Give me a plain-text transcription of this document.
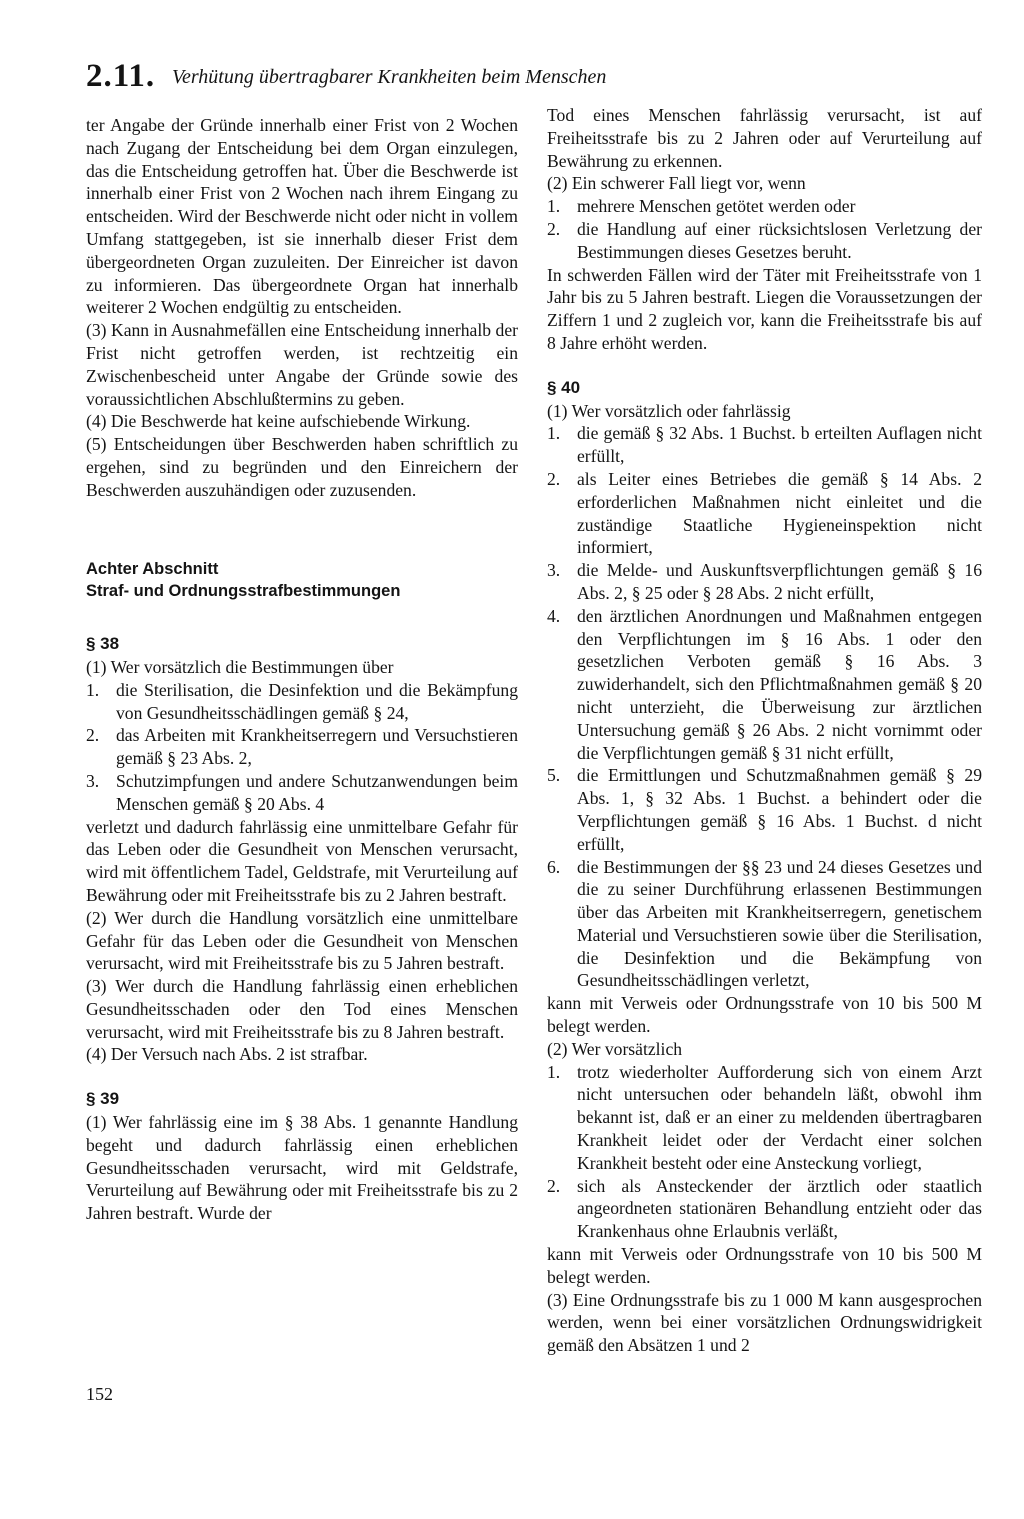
2.11. Verhütung übertragbarer Krankheiten beim Menschen

ter Angabe der Gründe innerhalb einer Frist von 2 Wochen nach Zugang der Entscheidung bei dem Organ einzulegen, das die Entscheidung getroffen hat. Über die Beschwerde ist innerhalb einer Frist von 2 Wochen nach ihrem Eingang zu entscheiden. Wird der Beschwerde nicht oder nicht in vollem Umfang stattgegeben, ist sie innerhalb dieser Frist dem übergeordneten Organ zuzuleiten. Der Einreicher ist davon zu informieren. Das übergeordnete Organ hat innerhalb weiterer 2 Wochen endgültig zu entscheiden.

(3) Kann in Ausnahmefällen eine Entscheidung innerhalb der Frist nicht getroffen werden, ist rechtzeitig ein Zwischenbescheid unter Angabe der Gründe sowie des voraussichtlichen Abschlußtermins zu geben.

(4) Die Beschwerde hat keine aufschiebende Wirkung.

(5) Entscheidungen über Beschwerden haben schriftlich zu ergehen, sind zu begründen und den Einreichern der Beschwerden auszuhändigen oder zuzusenden.

Achter Abschnitt

Straf- und Ordnungsstrafbestimmungen

§ 38

(1) Wer vorsätzlich die Bestimmungen über

1. die Sterilisation, die Desinfektion und die Bekämpfung von Gesundheitsschädlingen gemäß § 24,
2. das Arbeiten mit Krankheitserregern und Versuchstieren gemäß § 23 Abs. 2,
3. Schutzimpfungen und andere Schutzanwendungen beim Menschen gemäß § 20 Abs. 4

verletzt und dadurch fahrlässig eine unmittelbare Gefahr für das Leben oder die Gesundheit von Menschen verursacht, wird mit öffentlichem Tadel, Geldstrafe, mit Verurteilung auf Bewährung oder mit Freiheitsstrafe bis zu 2 Jahren bestraft.

(2) Wer durch die Handlung vorsätzlich eine unmittelbare Gefahr für das Leben oder die Gesundheit von Menschen verursacht, wird mit Freiheitsstrafe bis zu 5 Jahren bestraft.

(3) Wer durch die Handlung fahrlässig einen erheblichen Gesundheitsschaden oder den Tod eines Menschen verursacht, wird mit Freiheitsstrafe bis zu 8 Jahren bestraft.

(4) Der Versuch nach Abs. 2 ist strafbar.

§ 39

(1) Wer fahrlässig eine im § 38 Abs. 1 genannte Handlung begeht und dadurch fahrlässig einen erheblichen Gesundheitsschaden verursacht, wird mit Geldstrafe, Verurteilung auf Bewährung oder mit Freiheitsstrafe bis zu 2 Jahren bestraft. Wurde der

Tod eines Menschen fahrlässig verursacht, ist auf Freiheitsstrafe bis zu 2 Jahren oder auf Verurteilung auf Bewährung zu erkennen.

(2) Ein schwerer Fall liegt vor, wenn

1. mehrere Menschen getötet werden oder
2. die Handlung auf einer rücksichtslosen Verletzung der Bestimmungen dieses Gesetzes beruht.

In schwerden Fällen wird der Täter mit Freiheitsstrafe von 1 Jahr bis zu 5 Jahren bestraft. Liegen die Voraussetzungen der Ziffern 1 und 2 zugleich vor, kann die Freiheitsstrafe bis auf 8 Jahre erhöht werden.

§ 40

(1) Wer vorsätzlich oder fahrlässig

1. die gemäß § 32 Abs. 1 Buchst. b erteilten Auflagen nicht erfüllt,
2. als Leiter eines Betriebes die gemäß § 14 Abs. 2 erforderlichen Maßnahmen nicht einleitet und die zuständige Staatliche Hygieneinspektion nicht informiert,
3. die Melde- und Auskunftsverpflichtungen gemäß § 16 Abs. 2, § 25 oder § 28 Abs. 2 nicht erfüllt,
4. den ärztlichen Anordnungen und Maßnahmen entgegen den Verpflichtungen im § 16 Abs. 1 oder den gesetzlichen Verboten gemäß § 16 Abs. 3 zuwiderhandelt, sich den Pflichtmaßnahmen gemäß § 20 nicht unterzieht, die Überweisung zur ärztlichen Untersuchung gemäß § 26 Abs. 2 nicht vornimmt oder die Verpflichtungen gemäß § 31 nicht erfüllt,
5. die Ermittlungen und Schutzmaßnahmen gemäß § 29 Abs. 1, § 32 Abs. 1 Buchst. a behindert oder die Verpflichtungen gemäß § 16 Abs. 1 Buchst. d nicht erfüllt,
6. die Bestimmungen der §§ 23 und 24 dieses Gesetzes und die zu seiner Durchführung erlassenen Bestimmungen über das Arbeiten mit Krankheitserregern, genetischem Material und Versuchstieren sowie über die Sterilisation, die Desinfektion und die Bekämpfung von Gesundheitsschädlingen verletzt,

kann mit Verweis oder Ordnungsstrafe von 10 bis 500 M belegt werden.

(2) Wer vorsätzlich

1. trotz wiederholter Aufforderung sich von einem Arzt nicht untersuchen oder behandeln läßt, obwohl ihm bekannt ist, daß er an einer zu meldenden übertragbaren Krankheit leidet oder der Verdacht einer solchen Krankheit besteht oder eine Ansteckung vorliegt,
2. sich als Ansteckender der ärztlich oder staatlich angeordneten stationären Behandlung entzieht oder das Krankenhaus ohne Erlaubnis verläßt,

kann mit Verweis oder Ordnungsstrafe von 10 bis 500 M belegt werden.

(3) Eine Ordnungsstrafe bis zu 1 000 M kann ausgesprochen werden, wenn bei einer vorsätzlichen Ordnungswidrigkeit gemäß den Absätzen 1 und 2

152
